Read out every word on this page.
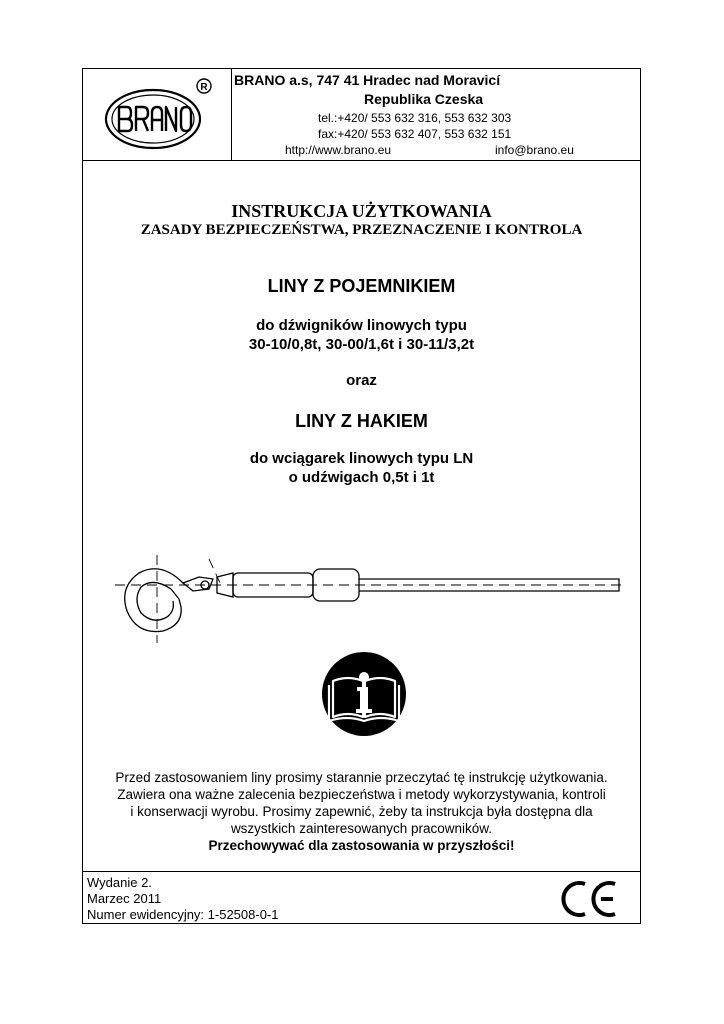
R BRANO a.s, 747 41 Hradec nad Moravicí
Republika Czeska
tel.:+420/ 553 632 316, 553 632 303
fax:+420/ 553 632 407, 553 632 151
http://www.brano.eu	info@brano.eu
INSTRUKCJA UŻYTKOWANIA
ZASADY BEZPIECZEŃSTWA, PRZEZNACZENIE I KONTROLA
LINY Z POJEMNIKIEM
do dźwigników linowych typu
30-10/0,8t, 30-00/1,6t i 30-11/3,2t
oraz
LINY Z HAKIEM
do wciągarek linowych typu LN
o udźwigach 0,5t i 1t
Przed zastosowaniem liny prosimy starannie przeczytać tę instrukcję użytkowania.
Zawiera ona ważne zalecenia bezpieczeństwa i metody wykorzystywania, kontroli
i konserwacji wyrobu. Prosimy zapewnić, żeby ta instrukcja była dostępna dla
wszystkich zainteresowanych pracowników.
Przechowywać dla zastosowania w przyszłości!
Wydanie 2.
Marzec 2011
Numer ewidencyjny: 1-52508-0-1
